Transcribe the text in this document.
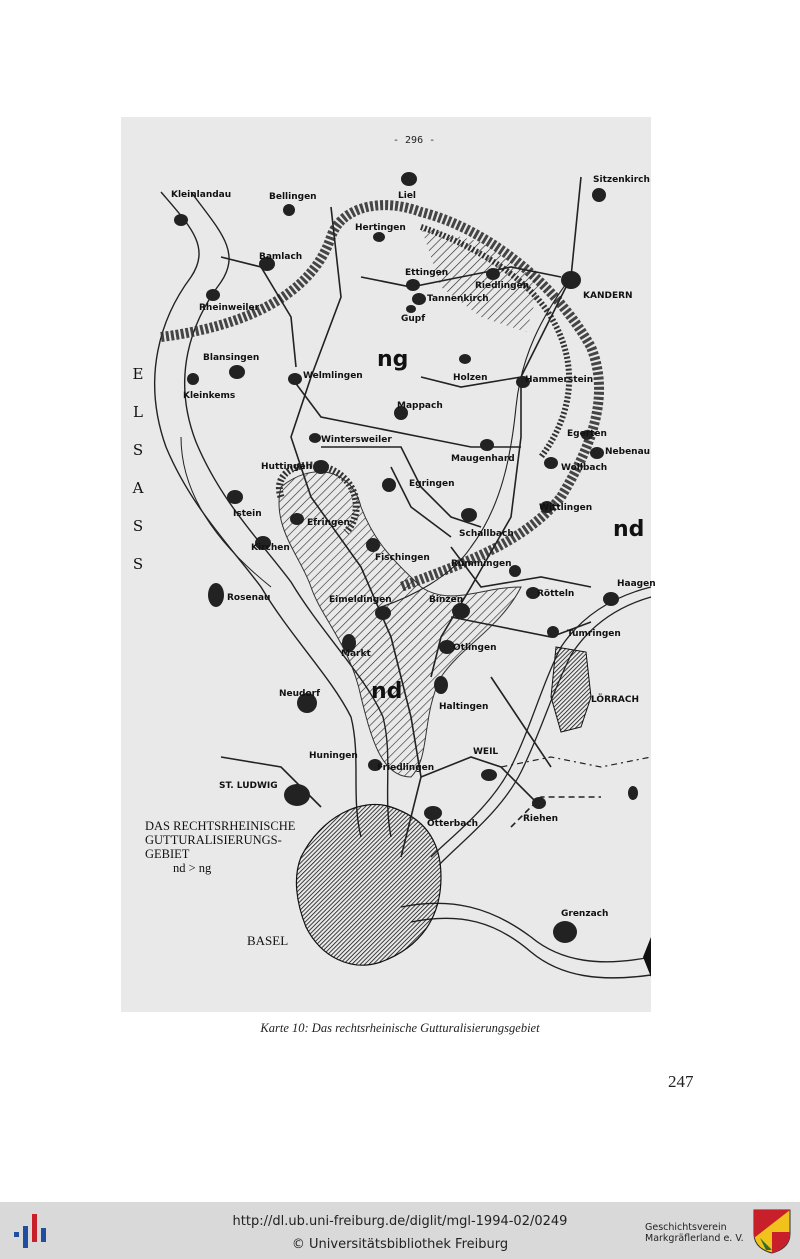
- 296 -
E
L
S
A
S
S
ng
nd
nd
Kleinlandau	Bellingen	Liel
Sitzenkirch
Hertingen
Bamlach
Ettingen
Riedlingen
Tannenkirch	KANDERN
Rheinweiler
Gupf
Blansingen
Welmlingen	Holzen	Hammerstein
Kleinkems
Mappach
Egerten
Nebenau
Wintersweiler
Maugenhard
Wollbach
Huttingen
Egringen
Istein
Efringen
Wittlingen
Kirchen
Schallbach
Fischingen
Rümmingen
Rosenau
Haagen
Eimeldingen	Binzen
Rötteln
Markt
Tumringen
Otlingen
Neudorf
LÖRRACH
Haltingen
WEIL
Huningen
Friedlingen
ST. LUDWIG
Riehen
Otterbach
Grenzach
DAS RECHTSRHEINISCHE
GUTTURALISIERUNGS-
GEBIET
nd > ng
BASEL
Karte 10: Das rechtsrheinische Gutturalisierungsgebiet
247
http://dl.ub.uni-freiburg.de/diglit/mgl-1994-02/0249
© Universitätsbibliothek Freiburg
Geschichtsverein
Markgräflerland e. V.
